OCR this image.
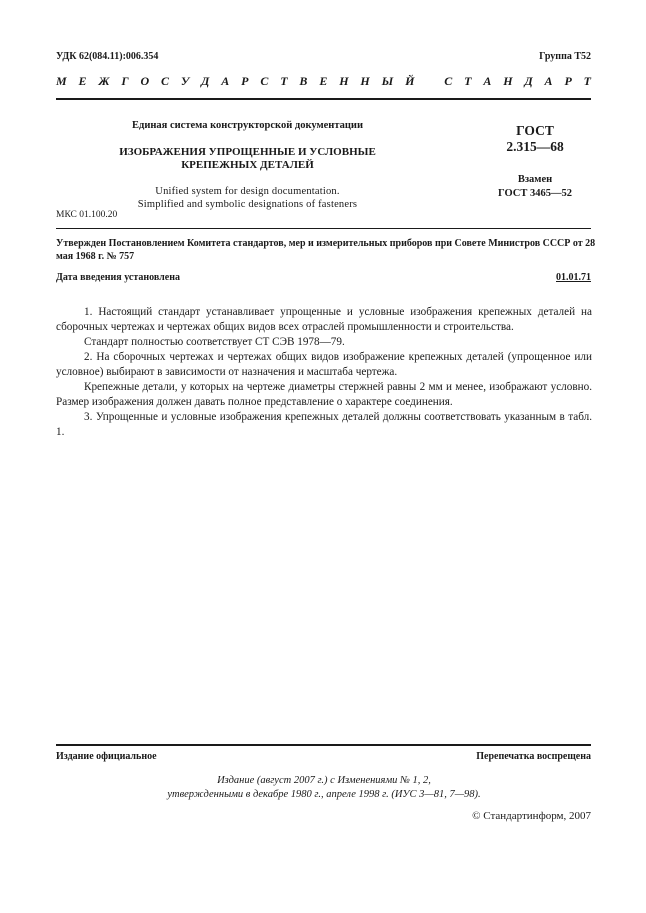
УДК 62(084.11):006.354	Группа Т52
М Е Ж Г О С У Д А Р С Т В Е Н Н Ы Й С Т А Н Д А Р Т
Единая система конструкторской документации
ИЗОБРАЖЕНИЯ УПРОЩЕННЫЕ И УСЛОВНЫЕ
КРЕПЕЖНЫХ ДЕТАЛЕЙ
Unified system for design documentation.
Simplified and symbolic designations of fasteners
МКС 01.100.20
ГОСТ
2.315—68
Взамен
ГОСТ 3465—52
Утвержден Постановлением Комитета стандартов, мер и измерительных приборов при Совете Министров СССР от 28 мая 1968 г. № 757
Дата введения установлена	01.01.71

1. Настоящий стандарт устанавливает упрощенные и условные изображения крепежных деталей на сборочных чертежах и чертежах общих видов всех отраслей промышленности и строительства.

Стандарт полностью соответствует СТ СЭВ 1978—79.

2. На сборочных чертежах и чертежах общих видов изображение крепежных деталей (упрощенное или условное) выбирают в зависимости от назначения и масштаба чертежа.

Крепежные детали, у которых на чертеже диаметры стержней равны 2 мм и менее, изображают условно. Размер изображения должен давать полное представление о характере соединения.

3. Упрощенные и условные изображения крепежных деталей должны соответствовать указанным в табл. 1.

Издание официальное	Перепечатка воспрещена
Издание (август 2007 г.) с Изменениями № 1, 2,
утвержденными в декабре 1980 г., апреле 1998 г. (ИУС 3—81, 7—98).
© Стандартинформ, 2007
